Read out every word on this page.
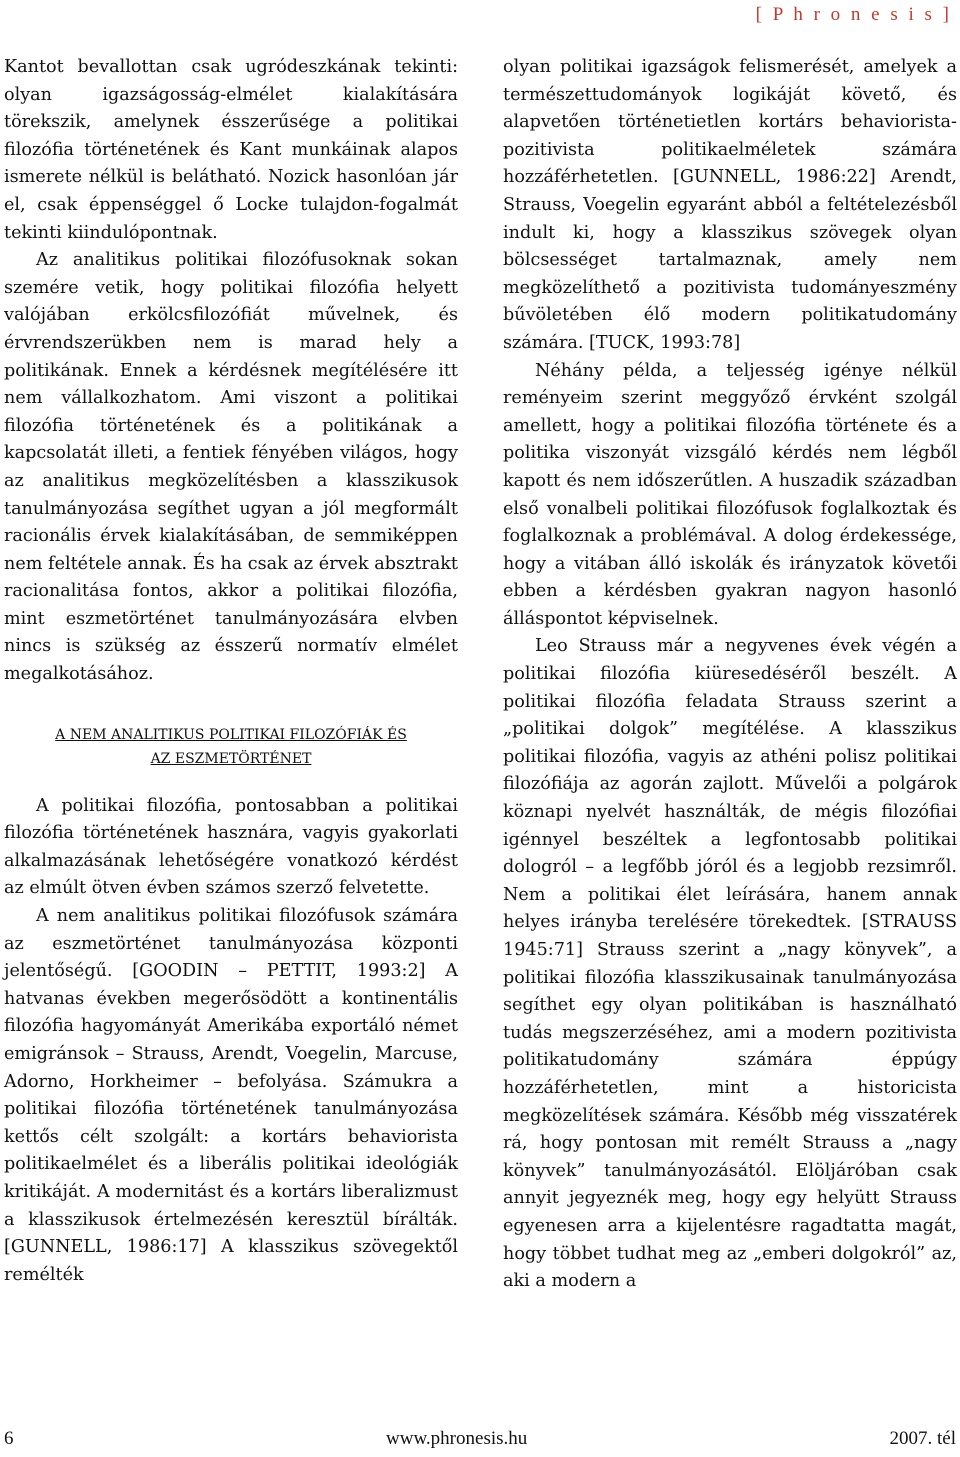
[ P h r o n e s i s ]

Kantot bevallottan csak ugródeszkának tekinti: olyan igazságosság-elmélet kialakítására törekszik, amelynek ésszerűsége a politikai filozófia történetének és Kant munkáinak alapos ismerete nélkül is belátható. Nozick hasonlóan jár el, csak éppenséggel ő Locke tulajdon-fogalmát tekinti kiindulópontnak.

Az analitikus politikai filozófusoknak sokan szemére vetik, hogy politikai filozófia helyett valójában erkölcsfilozófiát művelnek, és érvrendszerükben nem is marad hely a politikának. Ennek a kérdésnek megítélésére itt nem vállalkozhatom. Ami viszont a politikai filozófia történetének és a politikának a kapcsolatát illeti, a fentiek fényében világos, hogy az analitikus megközelítésben a klasszikusok tanulmányozása segíthet ugyan a jól megformált racionális érvek kialakításában, de semmiképpen nem feltétele annak. És ha csak az érvek absztrakt racionalitása fontos, akkor a politikai filozófia, mint eszmetörténet tanulmányozására elvben nincs is szükség az ésszerű normatív elmélet megalkotásához.

A NEM ANALITIKUS POLITIKAI FILOZÓFIÁK ÉS
AZ ESZMETÖRTÉNET

A politikai filozófia, pontosabban a politikai filozófia történetének hasznára, vagyis gyakorlati alkalmazásának lehetőségére vonatkozó kérdést az elmúlt ötven évben számos szerző felvetette.

A nem analitikus politikai filozófusok számára az eszmetörténet tanulmányozása központi jelentőségű. [GOODIN – PETTIT, 1993:2] A hatvanas években megerősödött a kontinentális filozófia hagyományát Amerikába exportáló német emigránsok – Strauss, Arendt, Voegelin, Marcuse, Adorno, Horkheimer – befolyása. Számukra a politikai filozófia történetének tanulmányozása kettős célt szolgált: a kortárs behaviorista politikaelmélet és a liberális politikai ideológiák kritikáját. A modernitást és a kortárs liberalizmust a klasszikusok értelmezésén keresztül bírálták. [GUNNELL, 1986:17] A klasszikus szövegektől remélték

olyan politikai igazságok felismerését, amelyek a természettudományok logikáját követő, és alapvetően történetietlen kortárs behaviorista-pozitivista politikaelméletek számára hozzáférhetetlen. [GUNNELL, 1986:22] Arendt, Strauss, Voegelin egyaránt abból a feltételezésből indult ki, hogy a klasszikus szövegek olyan bölcsességet tartalmaznak, amely nem megközelíthető a pozitivista tudományeszmény bűvöletében élő modern politikatudomány számára. [TUCK, 1993:78]

Néhány példa, a teljesség igénye nélkül reményeim szerint meggyőző érvként szolgál amellett, hogy a politikai filozófia története és a politika viszonyát vizsgáló kérdés nem légből kapott és nem időszerűtlen. A huszadik században első vonalbeli politikai filozófusok foglalkoztak és foglalkoznak a problémával. A dolog érdekessége, hogy a vitában álló iskolák és irányzatok követői ebben a kérdésben gyakran nagyon hasonló álláspontot képviselnek.

Leo Strauss már a negyvenes évek végén a politikai filozófia kiüresedéséről beszélt. A politikai filozófia feladata Strauss szerint a „politikai dolgok” megítélése. A klasszikus politikai filozófia, vagyis az athéni polisz politikai filozófiája az agorán zajlott. Művelői a polgárok köznapi nyelvét használták, de mégis filozófiai igénnyel beszéltek a legfontosabb politikai dologról – a legfőbb jóról és a legjobb rezsimről. Nem a politikai élet leírására, hanem annak helyes irányba terelésére törekedtek. [STRAUSS 1945:71] Strauss szerint a „nagy könyvek”, a politikai filozófia klasszikusainak tanulmányozása segíthet egy olyan politikában is használható tudás megszerzéséhez, ami a modern pozitivista politikatudomány számára éppúgy hozzáférhetetlen, mint a historicista megközelítések számára. Később még visszatérek rá, hogy pontosan mit remélt Strauss a „nagy könyvek” tanulmányozásától. Elöljáróban csak annyit jegyeznék meg, hogy egy helyütt Strauss egyenesen arra a kijelentésre ragadtatta magát, hogy többet tudhat meg az „emberi dolgokról” az, aki a modern a

6	www.phronesis.hu	2007. tél
